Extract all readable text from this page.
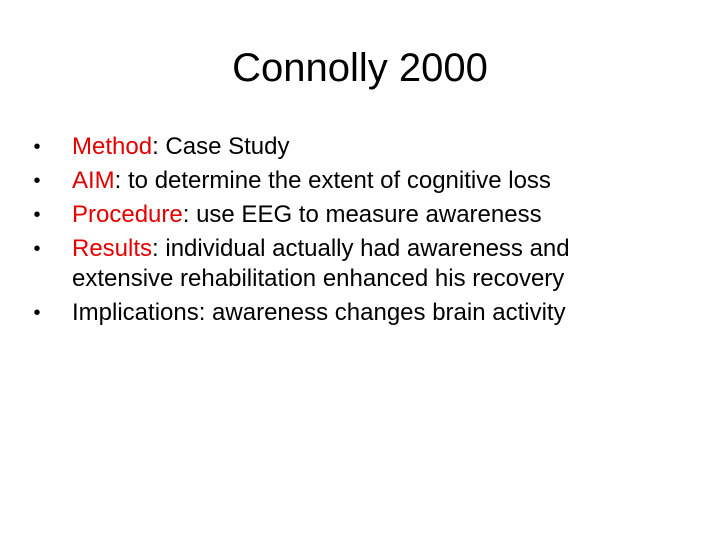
Connolly 2000
• Method: Case Study
• AIM: to determine the extent of cognitive loss
• Procedure: use EEG to measure awareness
• Results: individual actually had awareness and
extensive rehabilitation enhanced his recovery
• Implications: awareness changes brain activity
